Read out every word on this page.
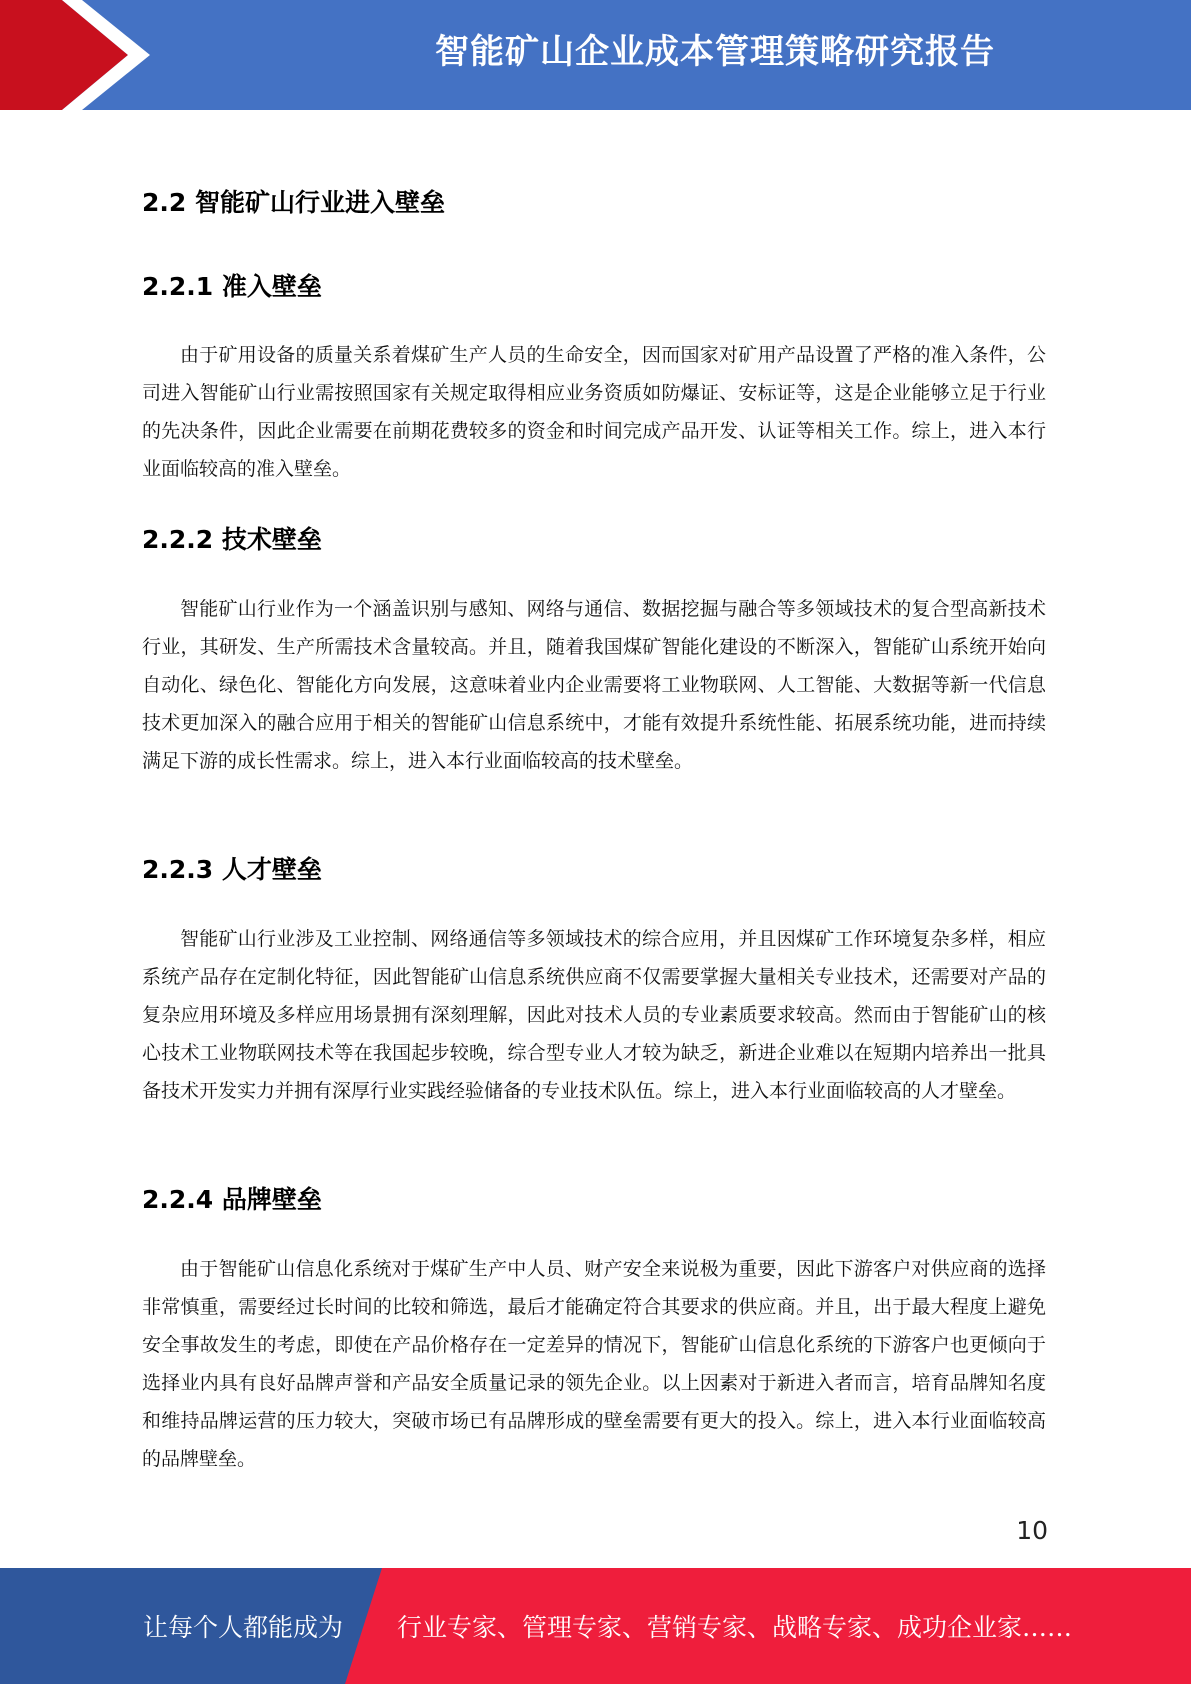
智能矿山企业成本管理策略研究报告
2.2 智能矿山行业进入壁垒
2.2.1 准入壁垒
由于矿用设备的质量关系着煤矿生产人员的生命安全，因而国家对矿用产品设置了严格的准入条件，公司进入智能矿山行业需按照国家有关规定取得相应业务资质如防爆证、安标证等，这是企业能够立足于行业的先决条件，因此企业需要在前期花费较多的资金和时间完成产品开发、认证等相关工作。综上，进入本行业面临较高的准入壁垒。
2.2.2 技术壁垒
智能矿山行业作为一个涵盖识别与感知、网络与通信、数据挖掘与融合等多领域技术的复合型高新技术行业，其研发、生产所需技术含量较高。并且，随着我国煤矿智能化建设的不断深入，智能矿山系统开始向自动化、绿色化、智能化方向发展，这意味着业内企业需要将工业物联网、人工智能、大数据等新一代信息技术更加深入的融合应用于相关的智能矿山信息系统中，才能有效提升系统性能、拓展系统功能，进而持续满足下游的成长性需求。综上，进入本行业面临较高的技术壁垒。
2.2.3 人才壁垒
智能矿山行业涉及工业控制、网络通信等多领域技术的综合应用，并且因煤矿工作环境复杂多样，相应系统产品存在定制化特征，因此智能矿山信息系统供应商不仅需要掌握大量相关专业技术，还需要对产品的复杂应用环境及多样应用场景拥有深刻理解，因此对技术人员的专业素质要求较高。然而由于智能矿山的核心技术工业物联网技术等在我国起步较晚，综合型专业人才较为缺乏，新进企业难以在短期内培养出一批具备技术开发实力并拥有深厚行业实践经验储备的专业技术队伍。综上，进入本行业面临较高的人才壁垒。
2.2.4 品牌壁垒
由于智能矿山信息化系统对于煤矿生产中人员、财产安全来说极为重要，因此下游客户对供应商的选择非常慎重，需要经过长时间的比较和筛选，最后才能确定符合其要求的供应商。并且，出于最大程度上避免安全事故发生的考虑，即使在产品价格存在一定差异的情况下，智能矿山信息化系统的下游客户也更倾向于选择业内具有良好品牌声誉和产品安全质量记录的领先企业。以上因素对于新进入者而言，培育品牌知名度和维持品牌运营的压力较大，突破市场已有品牌形成的壁垒需要有更大的投入。综上，进入本行业面临较高的品牌壁垒。
10
让每个人都能成为 行业专家、管理专家、营销专家、战略专家、成功企业家……
